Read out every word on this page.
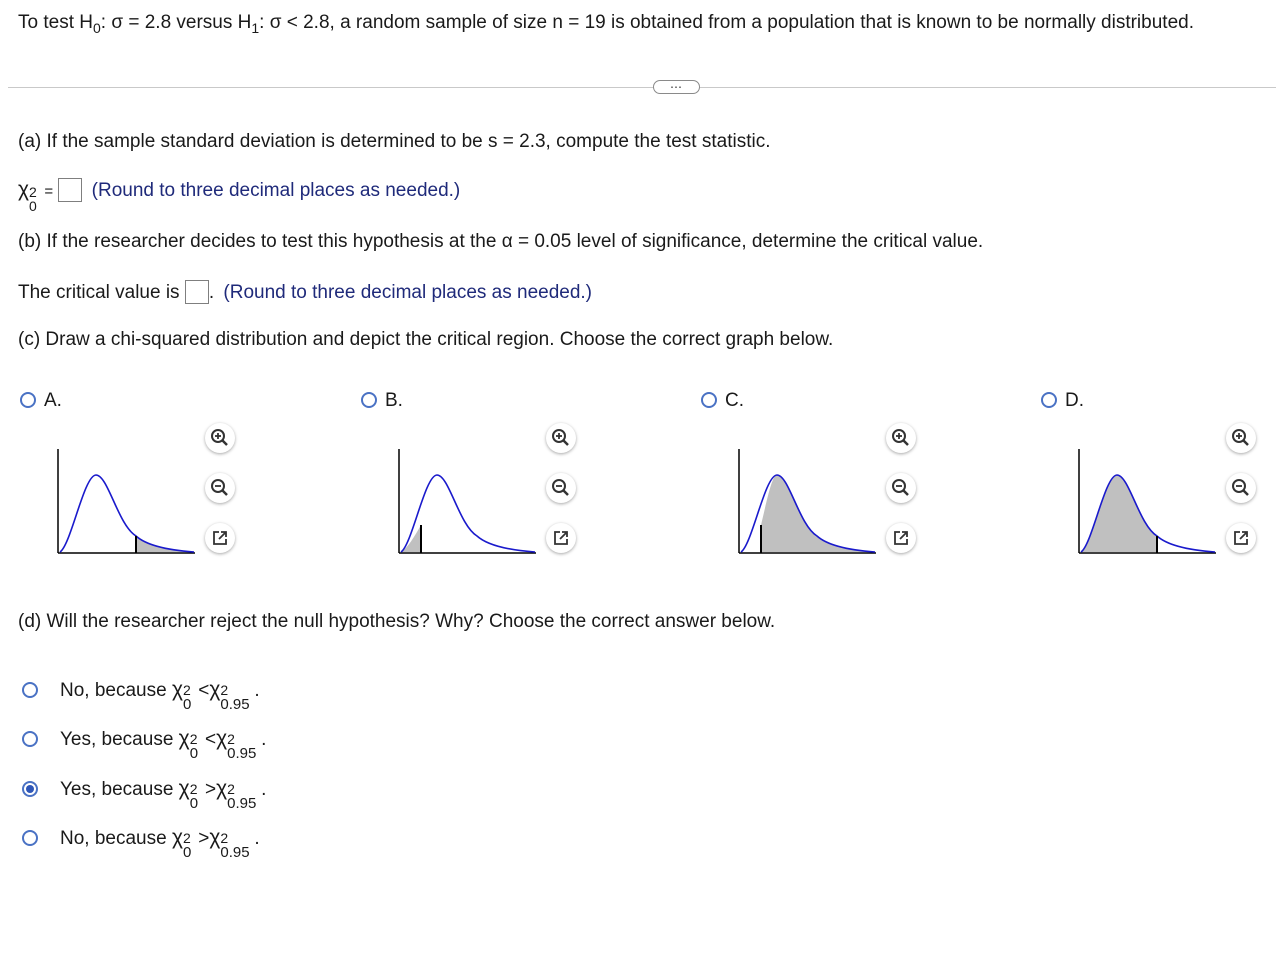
To test $H_0$: σ = 2.8 versus $H_1$: σ < 2.8, a random sample of size n = 19 is obtained from a population that is known to be normally distributed.
⋯
(a) If the sample standard deviation is determined to be s = 2.3, compute the test statistic.
χ 2
0
= (Round to three decimal places as needed.)
(b) If the researcher decides to test this hypothesis at the α = 0.05 level of significance, determine the critical value.
The critical value is . (Round to three decimal places as needed.)
(c) Draw a chi-squared distribution and depict the critical region. Choose the correct graph below.
A.	B.	C.	D.
(d) Will the researcher reject the null hypothesis? Why? Choose the correct answer below.
No, because χ 2
0
<χ 2
0.95
.
Yes, because χ 2
0
<χ 2
0.95
.
Yes, because χ 2
0
>χ 2
0.95
.
No, because χ 2
0
>χ 2
0.95
.
